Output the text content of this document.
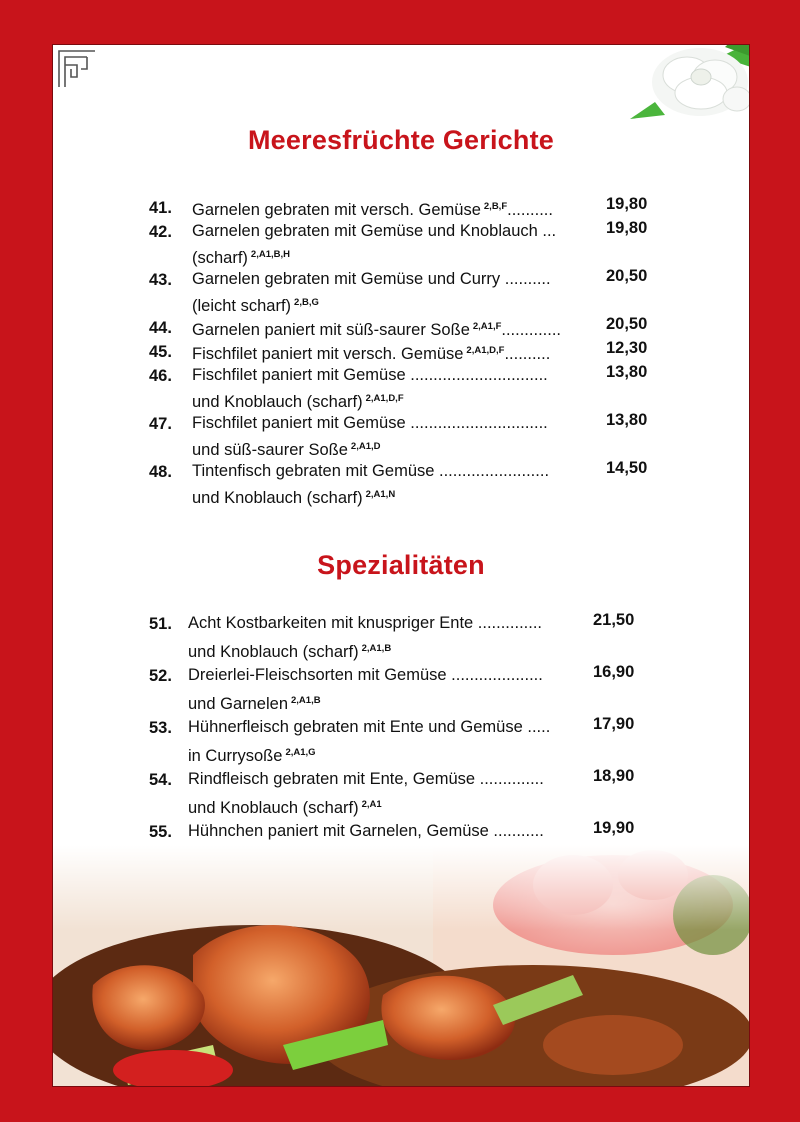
Meeresfrüchte Gerichte
Spezialitäten
41. Garnelen gebraten mit versch. Gemüse $^{2,B,F}$..........	19,80
42. Garnelen gebraten mit Gemüse und Knoblauch ...
(scharf) $^{2,A1,B,H}$
19,80
43. Garnelen gebraten mit Gemüse und Curry ..........
(leicht scharf) $^{2,B,G}$
20,50
44. Garnelen paniert mit süß-saurer Soße $^{2,A1,F}$.............	20,50
45. Fischfilet paniert mit versch. Gemüse $^{2,A1,D,F}$..........	12,30
46. Fischfilet paniert mit Gemüse ..............................
und Knoblauch (scharf) $^{2,A1,D,F}$
13,80
47. Fischfilet paniert mit Gemüse ..............................
und süß-saurer Soße $^{2,A1,D}$
13,80
48. Tintenfisch gebraten mit Gemüse ........................
und Knoblauch (scharf) $^{2,A1,N}$
14,50
51. Acht Kostbarkeiten mit knuspriger Ente ..............
und Knoblauch (scharf) $^{2,A1,B}$
21,50
52. Dreierlei-Fleischsorten mit Gemüse ....................
und Garnelen $^{2,A1,B}$
16,90
53. Hühnerfleisch gebraten mit Ente und Gemüse .....
in Currysoße $^{2,A1,G}$
17,90
54. Rindfleisch gebraten mit Ente, Gemüse ..............
und Knoblauch (scharf) $^{2,A1}$
18,90
55. Hühnchen paniert mit Garnelen, Gemüse ...........	19,90
